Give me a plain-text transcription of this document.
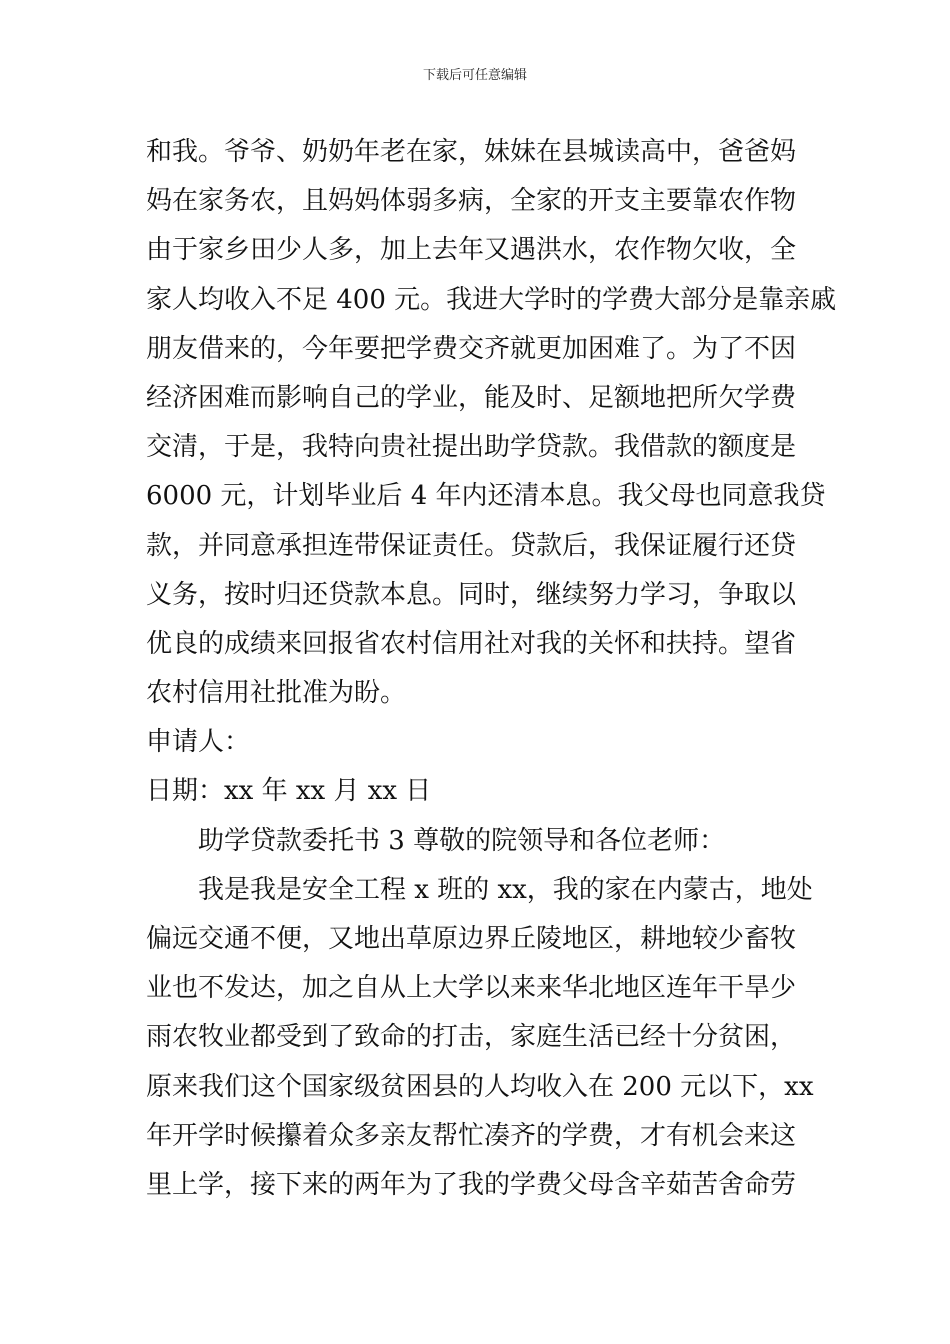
下载后可任意编辑
和我。爷爷、奶奶年老在家，妹妹在县城读高中，爸爸妈
妈在家务农，且妈妈体弱多病，全家的开支主要靠农作物
由于家乡田少人多，加上去年又遇洪水，农作物欠收，全
家人均收入不足 400 元。我进大学时的学费大部分是靠亲戚
朋友借来的，今年要把学费交齐就更加困难了。为了不因
经济困难而影响自己的学业，能及时、足额地把所欠学费
交清，于是，我特向贵社提出助学贷款。我借款的额度是
6000 元，计划毕业后 4 年内还清本息。我父母也同意我贷
款，并同意承担连带保证责任。贷款后，我保证履行还贷
义务，按时归还贷款本息。同时，继续努力学习，争取以
优良的成绩来回报省农村信用社对我的关怀和扶持。望省
农村信用社批准为盼。
申请人：
日期：xx 年 xx 月 xx 日
助学贷款委托书 3 尊敬的院领导和各位老师：
我是我是安全工程 x 班的 xx，我的家在内蒙古，地处
偏远交通不便，又地出草原边界丘陵地区，耕地较少畜牧
业也不发达，加之自从上大学以来来华北地区连年干旱少
雨农牧业都受到了致命的打击，家庭生活已经十分贫困，
原来我们这个国家级贫困县的人均收入在 200 元以下，xx
年开学时候攥着众多亲友帮忙凑齐的学费，才有机会来这
里上学，接下来的两年为了我的学费父母含辛茹苦舍命劳
